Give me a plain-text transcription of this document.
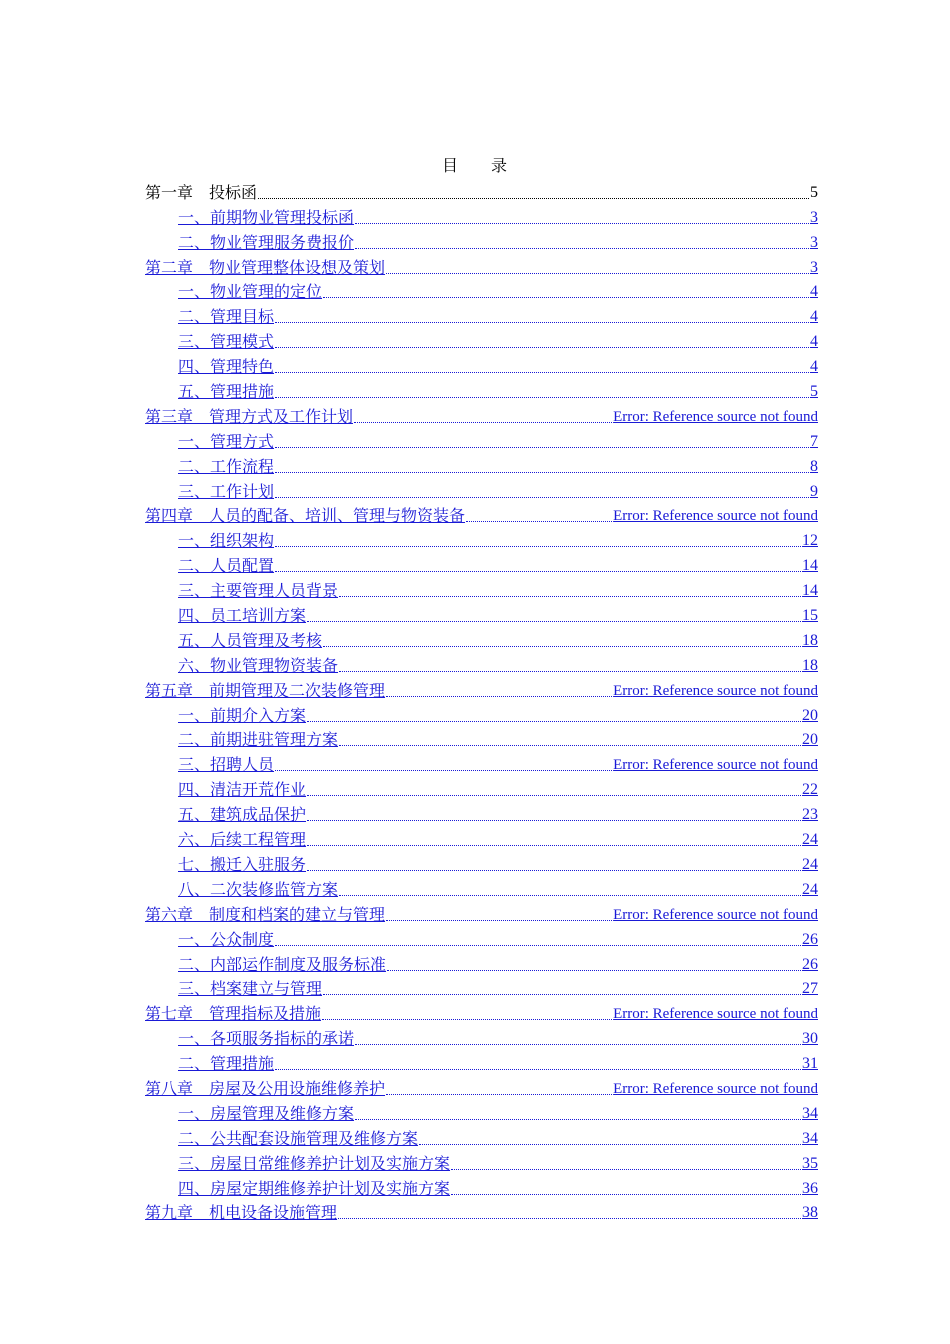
目 录
第一章　投标函	5
一、前期物业管理投标函	3
二、物业管理服务费报价	3
第二章　物业管理整体设想及策划	3
一、物业管理的定位	4
二、管理目标	4
三、管理模式	4
四、管理特色	4
五、管理措施	5
第三章　管理方式及工作计划	Error: Reference source not found
一、管理方式	7
二、工作流程	8
三、工作计划	9
第四章　人员的配备、培训、管理与物资装备	Error: Reference source not found
一、组织架构	12
二、人员配置	14
三、主要管理人员背景	14
四、员工培训方案	15
五、人员管理及考核	18
六、物业管理物资装备	18
第五章　前期管理及二次装修管理	Error: Reference source not found
一、前期介入方案	20
二、前期进驻管理方案	20
三、招聘人员	Error: Reference source not found
四、清洁开荒作业	22
五、建筑成品保护	23
六、后续工程管理	24
七、搬迁入驻服务	24
八、二次装修监管方案	24
第六章　制度和档案的建立与管理	Error: Reference source not found
一、公众制度	26
二、内部运作制度及服务标准	26
三、档案建立与管理	27
第七章　管理指标及措施	Error: Reference source not found
一、各项服务指标的承诺	30
二、管理措施	31
第八章　房屋及公用设施维修养护	Error: Reference source not found
一、房屋管理及维修方案	34
二、公共配套设施管理及维修方案	34
三、房屋日常维修养护计划及实施方案	35
四、房屋定期维修养护计划及实施方案	36
第九章　机电设备设施管理	38
